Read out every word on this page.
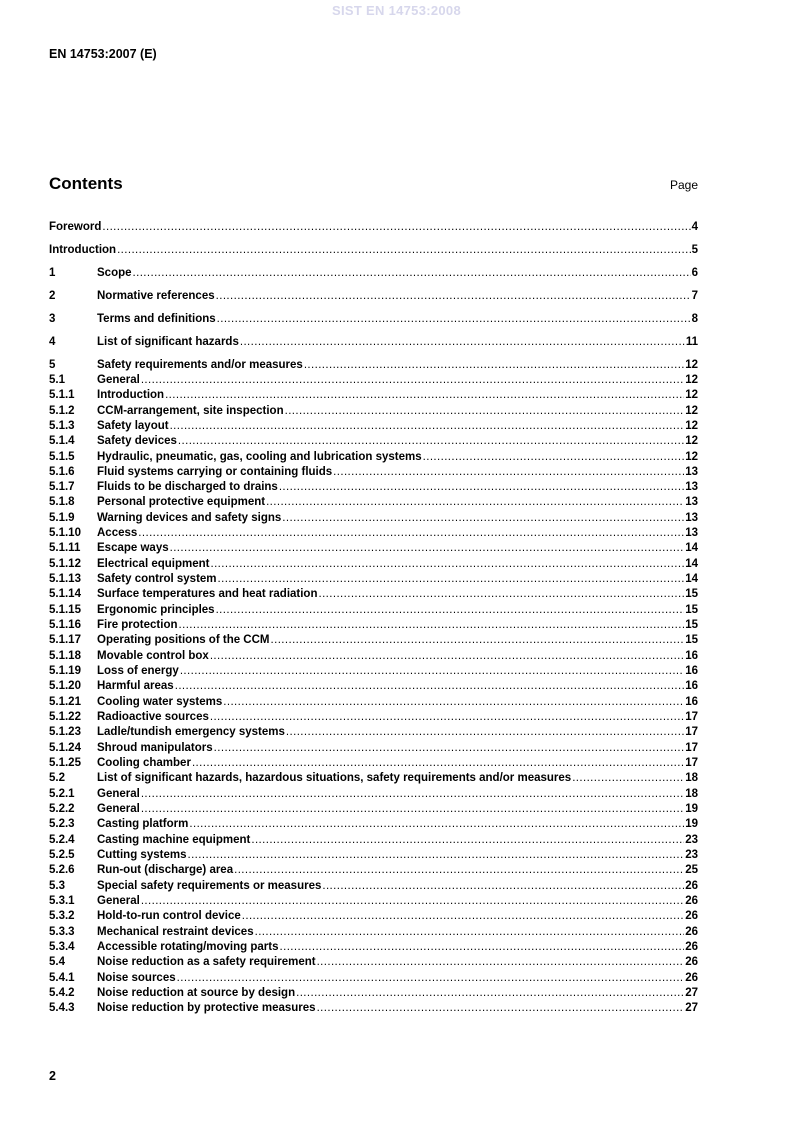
SIST EN 14753:2008
EN 14753:2007 (E)
Contents	Page
Foreword .....	4
Introduction .....	5
1	Scope .....	6
2	Normative references .....	7
3	Terms and definitions .....	8
4	List of significant hazards .....	11
5	Safety requirements and/or measures .....	12
5.1	General .....	12
5.1.1	Introduction .....	12
5.1.2	CCM-arrangement, site inspection .....	12
5.1.3	Safety layout .....	12
5.1.4	Safety devices .....	12
5.1.5	Hydraulic, pneumatic, gas, cooling and lubrication systems .....	12
5.1.6	Fluid systems carrying or containing fluids .....	13
5.1.7	Fluids to be discharged to drains .....	13
5.1.8	Personal protective equipment .....	13
5.1.9	Warning devices and safety signs .....	13
5.1.10	Access .....	13
5.1.11	Escape ways .....	14
5.1.12	Electrical equipment .....	14
5.1.13	Safety control system .....	14
5.1.14	Surface temperatures and heat radiation .....	15
5.1.15	Ergonomic principles .....	15
5.1.16	Fire protection .....	15
5.1.17	Operating positions of the CCM .....	15
5.1.18	Movable control box .....	16
5.1.19	Loss of energy .....	16
5.1.20	Harmful areas .....	16
5.1.21	Cooling water systems .....	16
5.1.22	Radioactive sources .....	17
5.1.23	Ladle/tundish emergency systems .....	17
5.1.24	Shroud manipulators .....	17
5.1.25	Cooling chamber .....	17
5.2	List of significant hazards, hazardous situations, safety requirements and/or measures .....	18
5.2.1	General .....	18
5.2.2	General .....	19
5.2.3	Casting platform .....	19
5.2.4	Casting machine equipment .....	23
5.2.5	Cutting systems .....	23
5.2.6	Run-out (discharge) area .....	25
5.3	Special safety requirements or measures .....	26
5.3.1	General .....	26
5.3.2	Hold-to-run control device .....	26
5.3.3	Mechanical restraint devices .....	26
5.3.4	Accessible rotating/moving parts .....	26
5.4	Noise reduction as a safety requirement .....	26
5.4.1	Noise sources .....	26
5.4.2	Noise reduction at source by design .....	27
5.4.3	Noise reduction by protective measures .....	27
2
